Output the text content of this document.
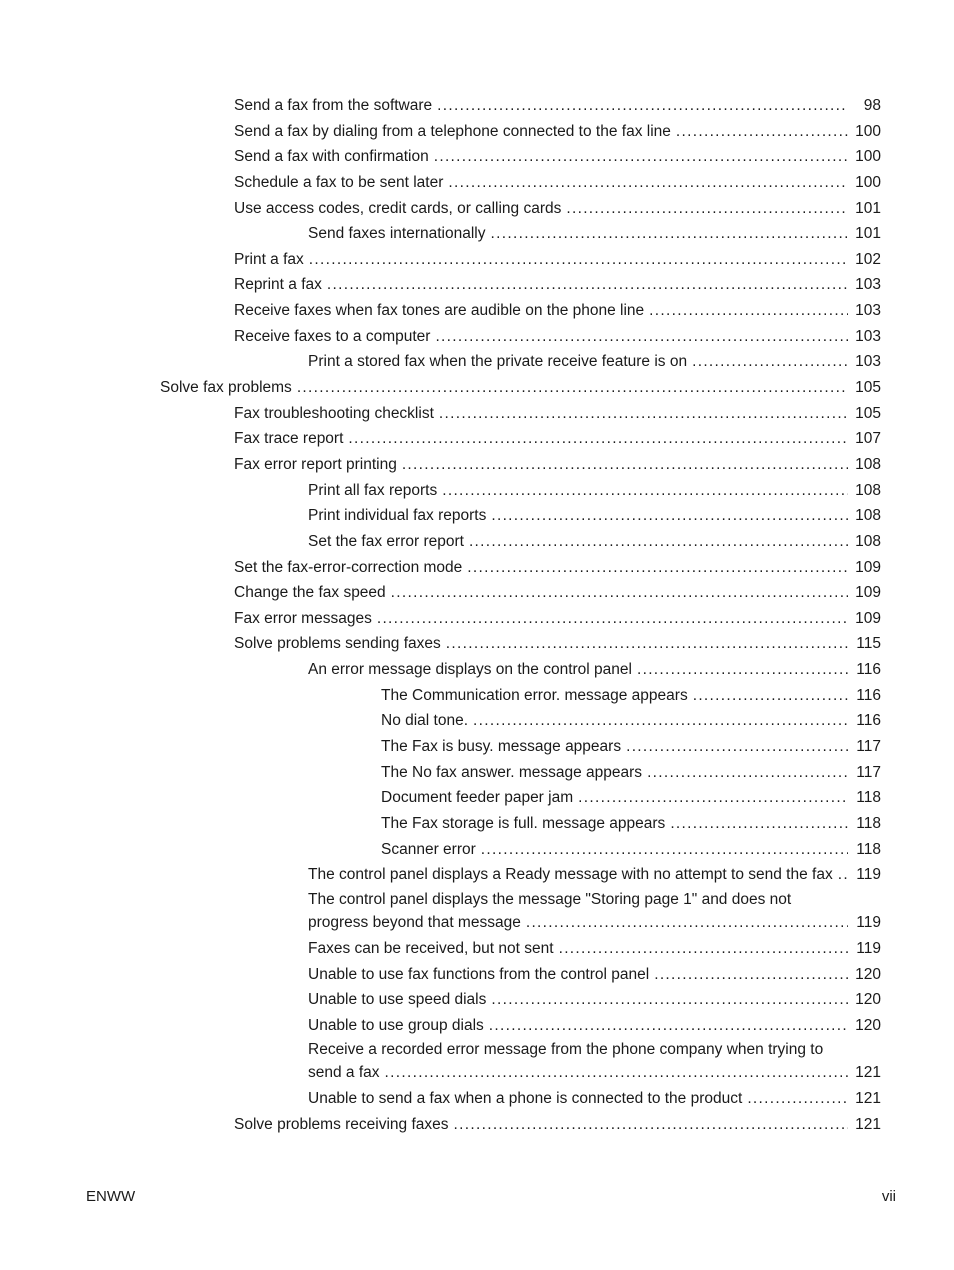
Send a fax from the software . . .	98
Send a fax by dialing from a telephone connected to the fax line . . .	100
Send a fax with confirmation . . .	100
Schedule a fax to be sent later . . .	100
Use access codes, credit cards, or calling cards . . .	101
Send faxes internationally . . .	101
Print a fax . . .	102
Reprint a fax . . .	103
Receive faxes when fax tones are audible on the phone line . . .	103
Receive faxes to a computer . . .	103
Print a stored fax when the private receive feature is on . . .	103
Solve fax problems . . .	105
Fax troubleshooting checklist . . .	105
Fax trace report . . .	107
Fax error report printing . . .	108
Print all fax reports . . .	108
Print individual fax reports . . .	108
Set the fax error report . . .	108
Set the fax-error-correction mode . . .	109
Change the fax speed . . .	109
Fax error messages . . .	109
Solve problems sending faxes . . .	115
An error message displays on the control panel . . .	116
The Communication error. message appears . . .	116
No dial tone. . . .	116
The Fax is busy. message appears . . .	117
The No fax answer. message appears . . .	117
Document feeder paper jam . . .	118
The Fax storage is full. message appears . . .	118
Scanner error . . .	118
The control panel displays a Ready message with no attempt to send the fax . . . 119
The control panel displays the message "Storing page 1" and does not
progress beyond that message . . .	119
Faxes can be received, but not sent . . .	119
Unable to use fax functions from the control panel . . .	120
Unable to use speed dials . . .	120
Unable to use group dials . . .	120
Receive a recorded error message from the phone company when trying to
send a fax . . .	121
Unable to send a fax when a phone is connected to the product . . .	121
Solve problems receiving faxes . . .	121
ENWW	vii
